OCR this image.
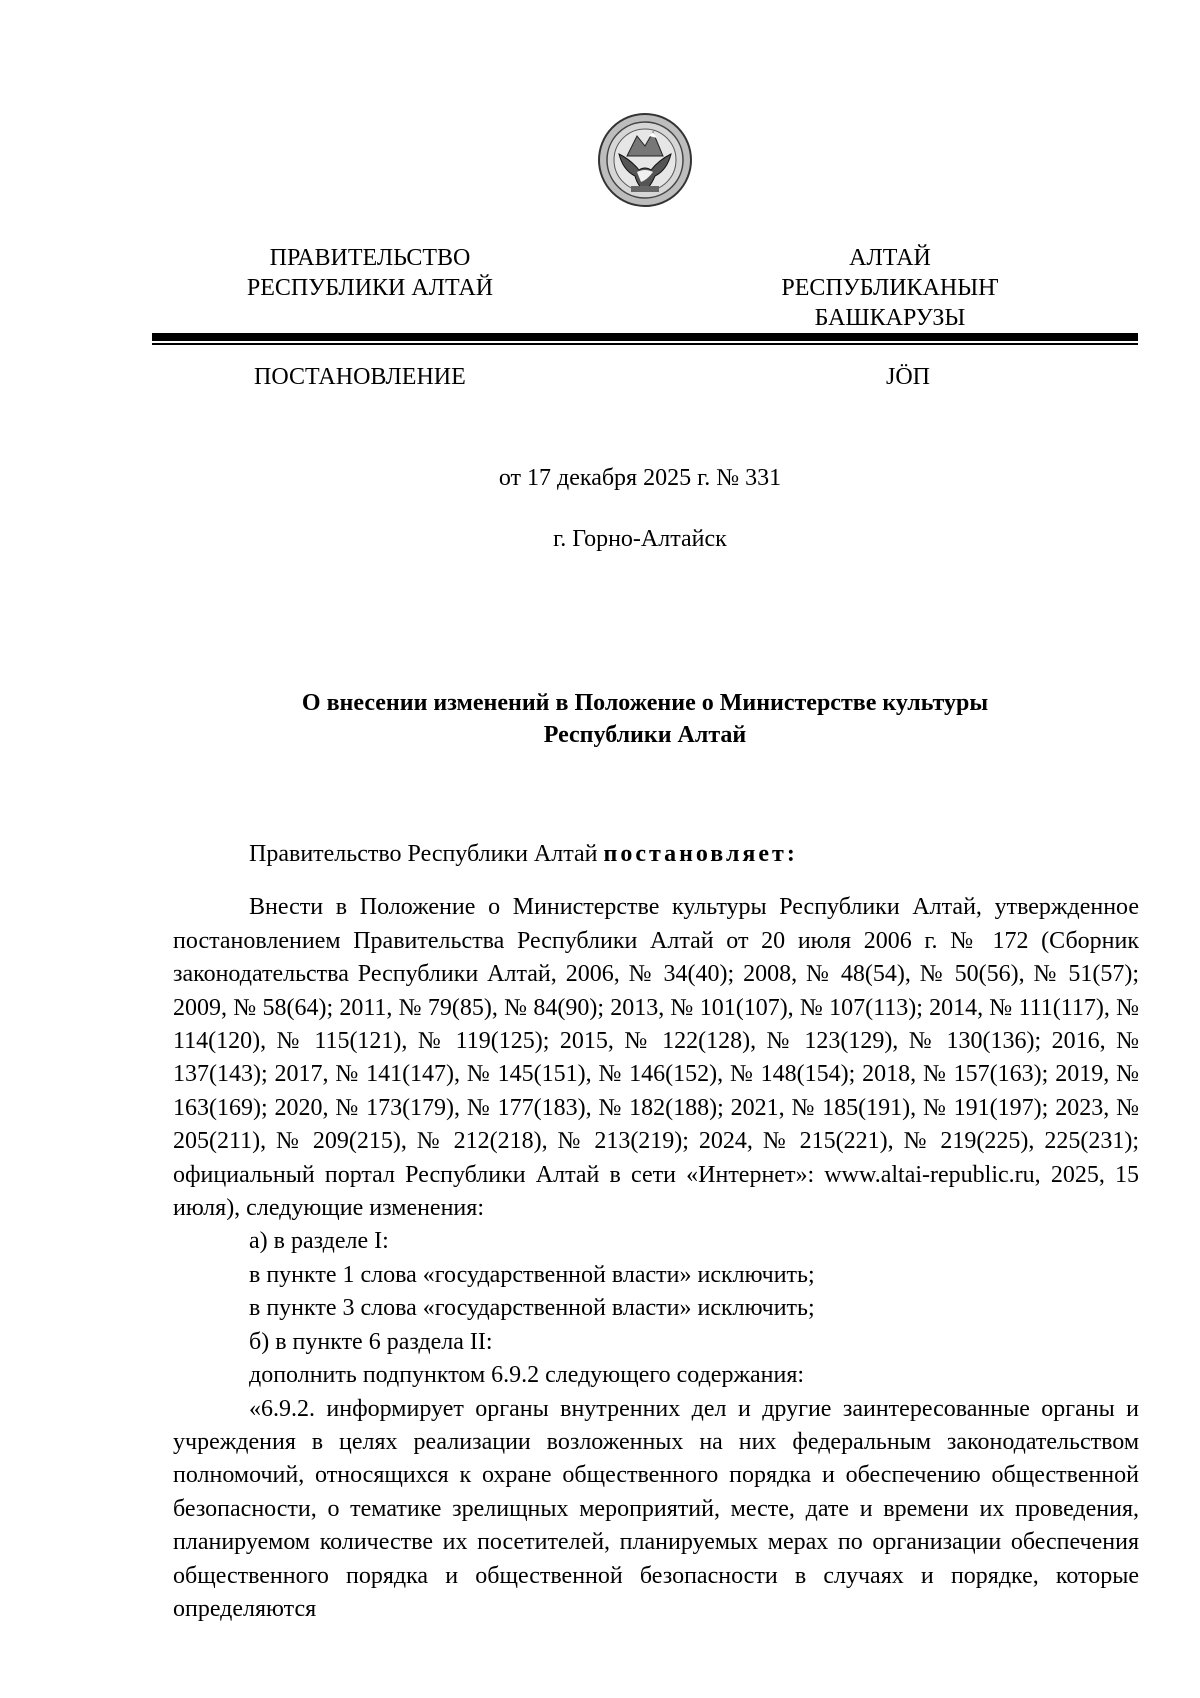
ПРАВИТЕЛЬСТВО
РЕСПУБЛИКИ АЛТАЙ
АЛТАЙ РЕСПУБЛИКАНЫҤ
БАШКАРУЗЫ
ПОСТАНОВЛЕНИЕ	JÖП
от 17 декабря 2025 г. № 331
г. Горно-Алтайск
О внесении изменений в Положение о Министерстве культуры
Республики Алтай

Правительство Республики Алтай постановляет:

Внести в Положение о Министерстве культуры Республики Алтай, утвержденное постановлением Правительства Республики Алтай от 20 июля 2006 г. № 172 (Сборник законодательства Республики Алтай, 2006, № 34(40); 2008, № 48(54), № 50(56), № 51(57); 2009, № 58(64); 2011, № 79(85), № 84(90); 2013, № 101(107), № 107(113); 2014, № 111(117), № 114(120), № 115(121), № 119(125); 2015, № 122(128), № 123(129), № 130(136); 2016, № 137(143); 2017, № 141(147), № 145(151), № 146(152), № 148(154); 2018, № 157(163); 2019, № 163(169); 2020, № 173(179), № 177(183), № 182(188); 2021, № 185(191), № 191(197); 2023, № 205(211), № 209(215), № 212(218), № 213(219); 2024, № 215(221), № 219(225), 225(231); официальный портал Республики Алтай в сети «Интернет»: www.altai-republic.ru, 2025, 15 июля), следующие изменения:

а) в разделе I:

в пункте 1 слова «государственной власти» исключить;

в пункте 3 слова «государственной власти» исключить;

б) в пункте 6 раздела II:

дополнить подпунктом 6.9.2 следующего содержания:

«6.9.2. информирует органы внутренних дел и другие заинтересованные органы и учреждения в целях реализации возложенных на них федеральным законодательством полномочий, относящихся к охране общественного порядка и обеспечению общественной безопасности, о тематике зрелищных мероприятий, месте, дате и времени их проведения, планируемом количестве их посетителей, планируемых мерах по организации обеспечения общественного порядка и общественной безопасности в случаях и порядке, которые определяются
